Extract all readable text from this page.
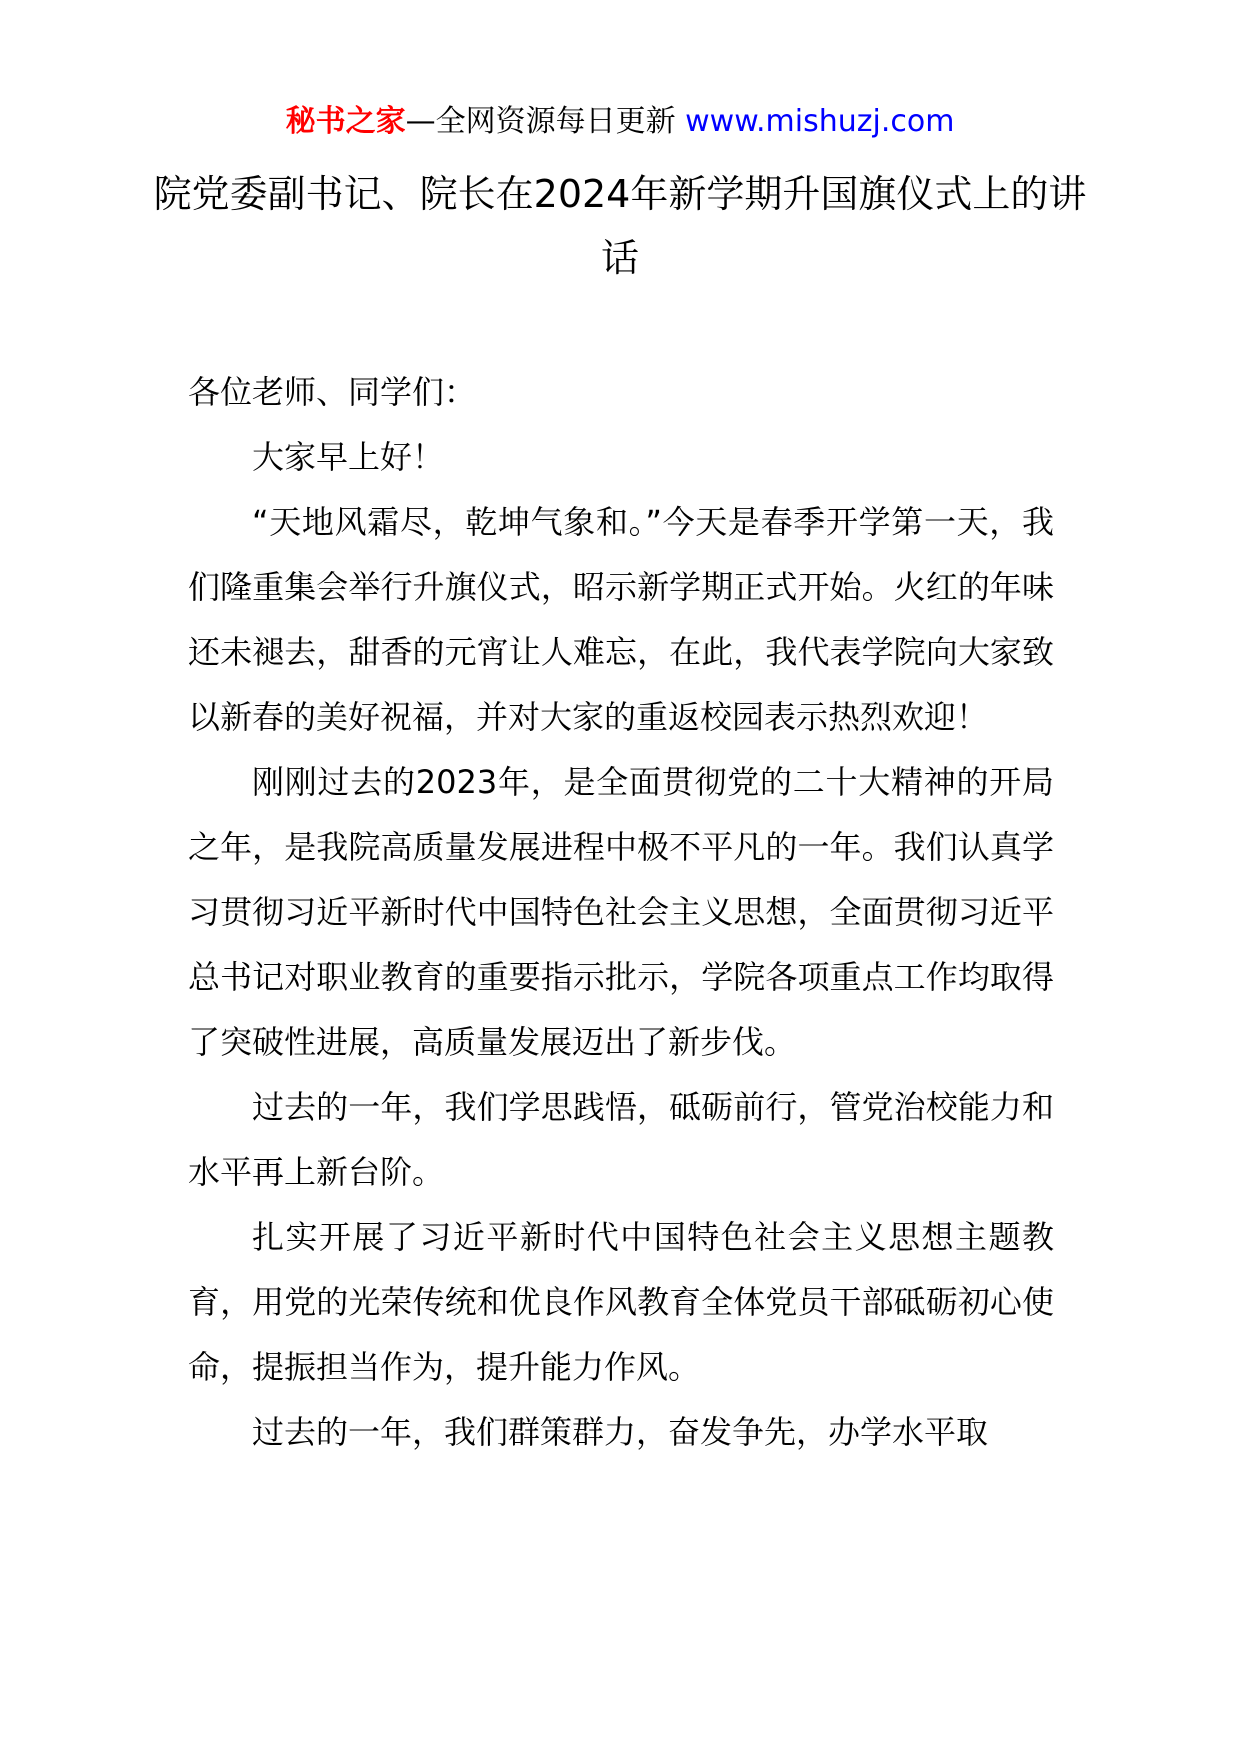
秘书之家—全网资源每日更新 www.mishuzj.com
院党委副书记、院长在2024年新学期升国旗仪式上的讲话

各位老师、同学们：

大家早上好！

“天地风霜尽，乾坤气象和。”今天是春季开学第一天，我们隆重集会举行升旗仪式，昭示新学期正式开始。火红的年味还未褪去，甜香的元宵让人难忘，在此，我代表学院向大家致以新春的美好祝福，并对大家的重返校园表示热烈欢迎！

刚刚过去的2023年，是全面贯彻党的二十大精神的开局之年，是我院高质量发展进程中极不平凡的一年。我们认真学习贯彻习近平新时代中国特色社会主义思想，全面贯彻习近平总书记对职业教育的重要指示批示，学院各项重点工作均取得了突破性进展，高质量发展迈出了新步伐。

过去的一年，我们学思践悟，砥砺前行，管党治校能力和水平再上新台阶。

扎实开展了习近平新时代中国特色社会主义思想主题教育，用党的光荣传统和优良作风教育全体党员干部砥砺初心使命，提振担当作为，提升能力作风。

过去的一年，我们群策群力，奋发争先，办学水平取
